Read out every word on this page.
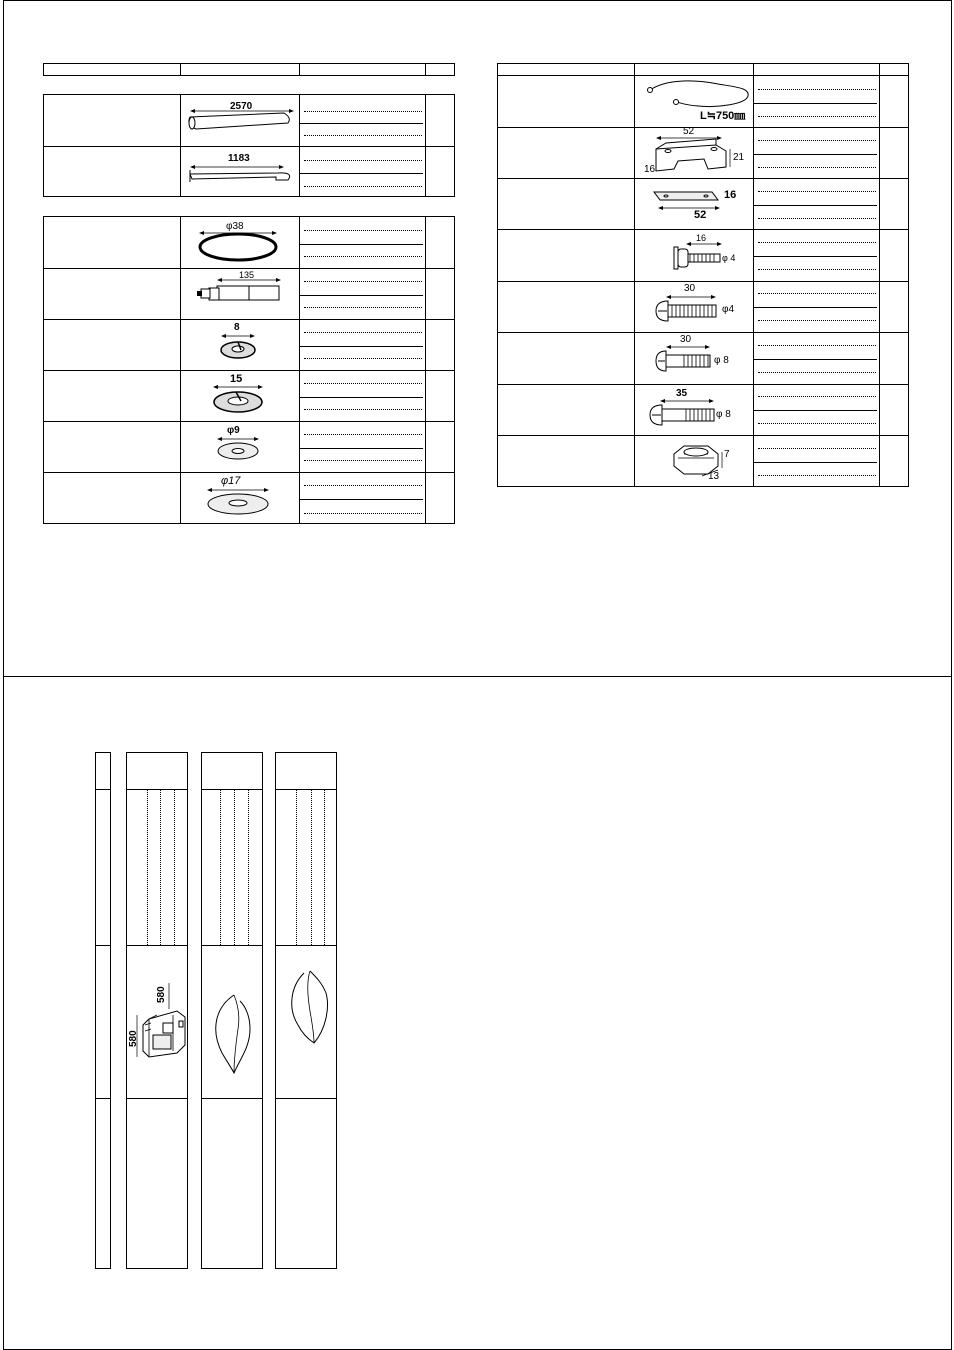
2570
1183
φ38
135
8
15
φ9
φ17
L≒750㎜
52
21
16
16
52
16
φ 4
30
φ4
30
φ 8
35
φ 8
7
13
580
580
